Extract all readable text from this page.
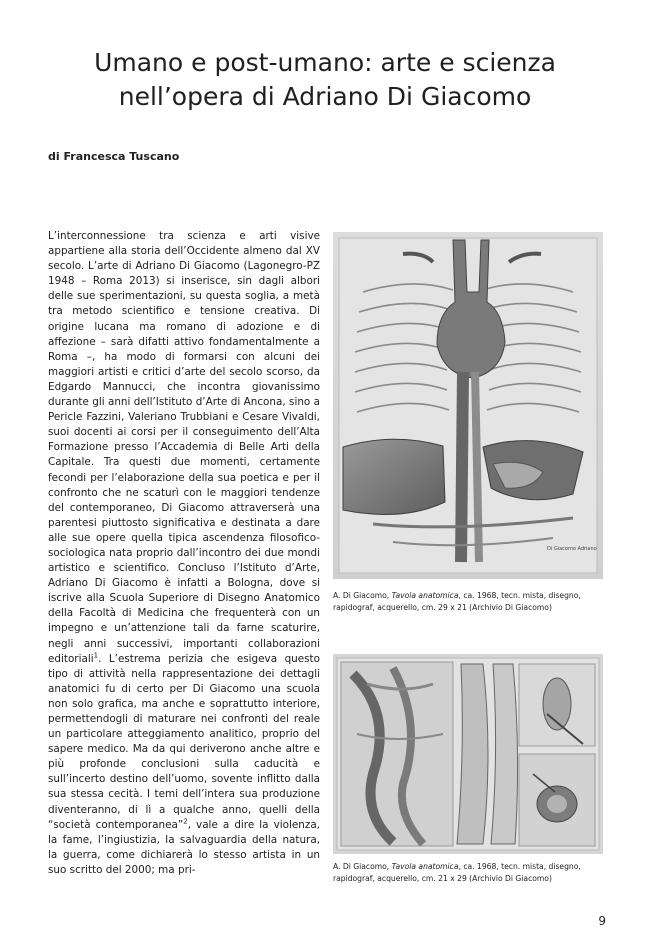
Umano e post-umano: arte e scienza
nell’opera di Adriano Di Giacomo
di Francesca Tuscano

L’interconnessione tra scienza e arti visive appartiene alla storia dell’Occidente almeno dal XV secolo. L’arte di Adriano Di Giacomo (Lagonegro-PZ 1948 – Roma 2013) si inserisce, sin dagli albori delle sue sperimentazioni, su questa soglia, a metà tra metodo scientifico e tensione creativa. Di origine lucana ma romano di adozione e di affezione – sarà difatti attivo fondamentalmente a Roma –, ha modo di formarsi con alcuni dei maggiori artisti e critici d’arte del secolo scorso, da Edgardo Mannucci, che incontra giovanissimo durante gli anni dell’Istituto d’Arte di Ancona, sino a Pericle Fazzini, Valeriano Trubbiani e Cesare Vivaldi, suoi docenti ai corsi per il conseguimento dell’Alta Formazione presso l’Accademia di Belle Arti della Capitale. Tra questi due momenti, certamente fecondi per l’elaborazione della sua poetica e per il confronto che ne scaturì con le maggiori tendenze del contemporaneo, Di Giacomo attraverserà una parentesi piuttosto significativa e destinata a dare alle sue opere quella tipica ascendenza filosofico-sociologica nata proprio dall’incontro dei due mondi artistico e scientifico. Concluso l’Istituto d’Arte, Adriano Di Giacomo è infatti a Bologna, dove si iscrive alla Scuola Superiore di Disegno Anatomico della Facoltà di Medicina che frequenterà con un impegno e un’attenzione tali da farne scaturire, negli anni successivi, importanti collaborazioni editoriali$^1$. L’estrema perizia che esigeva questo tipo di attività nella rappresentazione dei dettagli anatomici fu di certo per Di Giacomo una scuola non solo grafica, ma anche e soprattutto interiore, permettendogli di maturare nei confronti del reale un particolare atteggiamento analitico, proprio del sapere medico. Ma da qui deriverono anche altre e più profonde conclusioni sulla caducità e sull’incerto destino dell’uomo, sovente inflitto dalla sua stessa cecità. I temi dell’intera sua produzione diventeranno, di lì a qualche anno, quelli della “società contemporanea”$^2$, vale a dire la violenza, la fame, l’ingiustizia, la salvaguardia della natura, la guerra, come dichiarerà lo stesso artista in un suo scritto del 2000; ma pri-

Di Giacomo Adriano

A. Di Giacomo, Tavola anatomica, ca. 1968, tecn. mista, disegno, rapidograf, acquerello, cm. 29 x 21 (Archivio Di Giacomo)

A. Di Giacomo, Tavola anatomica, ca. 1968, tecn. mista, disegno, rapidograf, acquerello, cm. 21 x 29 (Archivio Di Giacomo)

9
